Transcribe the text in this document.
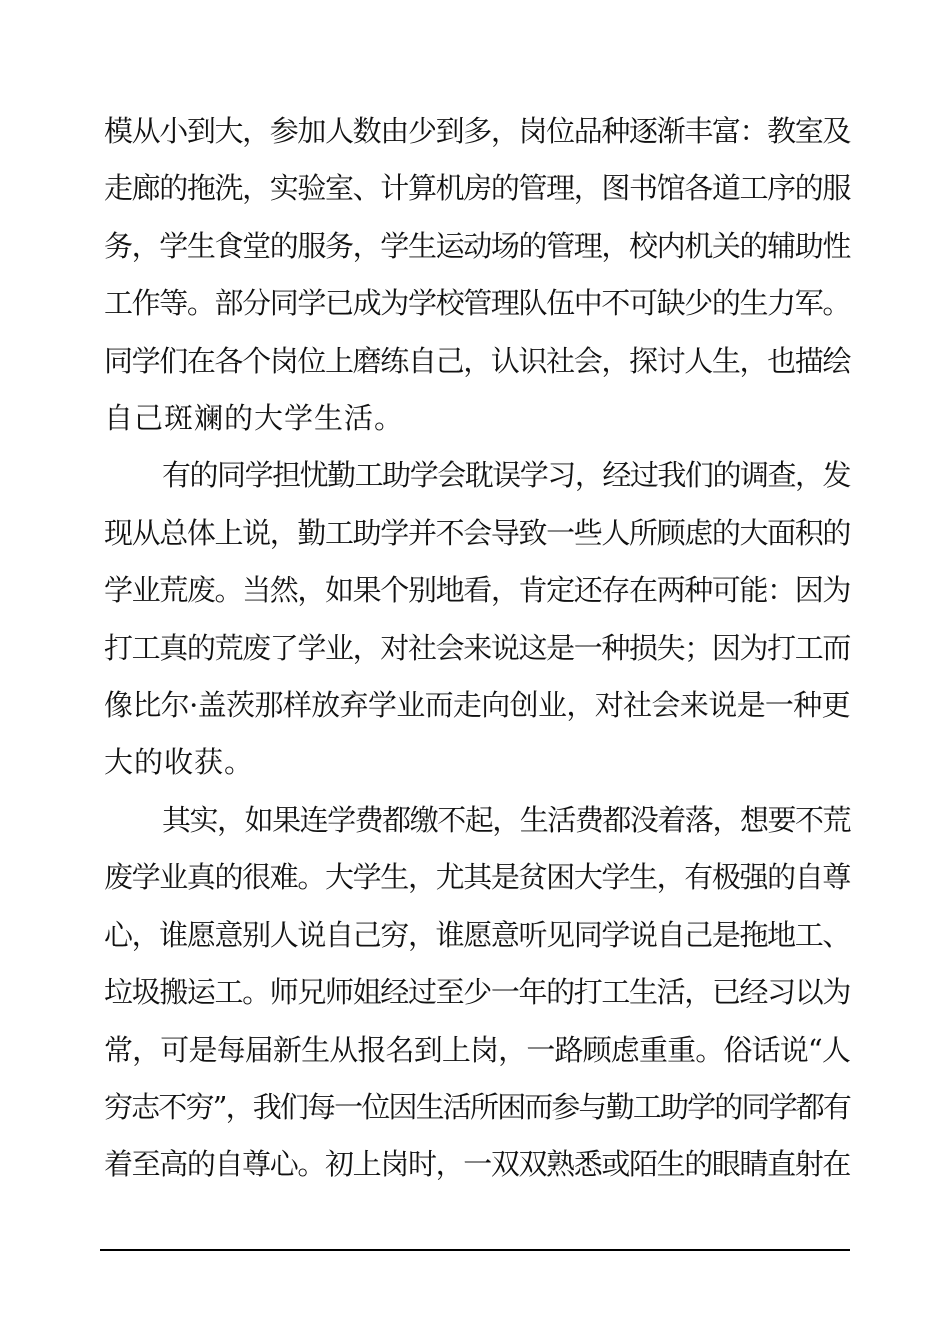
模从小到大，参加人数由少到多，岗位品种逐渐丰富：教室及
走廊的拖洗，实验室、计算机房的管理，图书馆各道工序的服
务，学生食堂的服务，学生运动场的管理，校内机关的辅助性
工作等。部分同学已成为学校管理队伍中不可缺少的生力军。
同学们在各个岗位上磨练自己，认识社会，探讨人生，也描绘
自己斑斓的大学生活。

有的同学担忧勤工助学会耽误学习，经过我们的调查，发
现从总体上说，勤工助学并不会导致一些人所顾虑的大面积的
学业荒废。当然，如果个别地看，肯定还存在两种可能：因为
打工真的荒废了学业，对社会来说这是一种损失；因为打工而
像比尔·盖茨那样放弃学业而走向创业，对社会来说是一种更
大的收获。

其实，如果连学费都缴不起，生活费都没着落，想要不荒
废学业真的很难。大学生，尤其是贫困大学生，有极强的自尊
心，谁愿意别人说自己穷，谁愿意听见同学说自己是拖地工、
垃圾搬运工。师兄师姐经过至少一年的打工生活，已经习以为
常，可是每届新生从报名到上岗，一路顾虑重重。俗话说“人
穷志不穷”，我们每一位因生活所困而参与勤工助学的同学都有
着至高的自尊心。初上岗时，一双双熟悉或陌生的眼睛直射在
